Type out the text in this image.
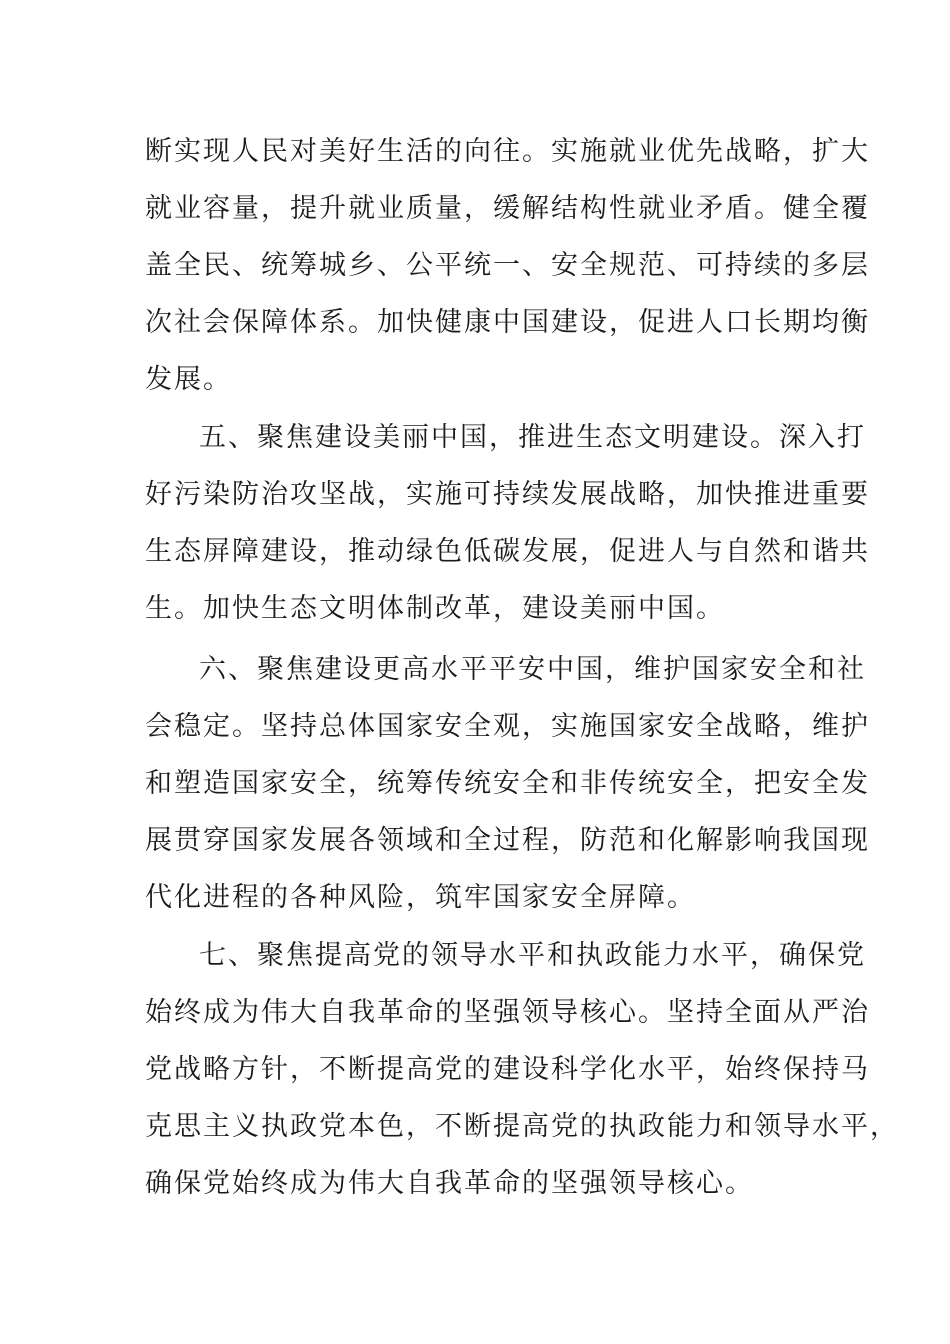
断实现人民对美好生活的向往。实施就业优先战略，扩大
就业容量，提升就业质量，缓解结构性就业矛盾。健全覆
盖全民、统筹城乡、公平统一、安全规范、可持续的多层
次社会保障体系。加快健康中国建设，促进人口长期均衡
发展。
五、聚焦建设美丽中国，推进生态文明建设。深入打
好污染防治攻坚战，实施可持续发展战略，加快推进重要
生态屏障建设，推动绿色低碳发展，促进人与自然和谐共
生。加快生态文明体制改革，建设美丽中国。
六、聚焦建设更高水平平安中国，维护国家安全和社
会稳定。坚持总体国家安全观，实施国家安全战略，维护
和塑造国家安全，统筹传统安全和非传统安全，把安全发
展贯穿国家发展各领域和全过程，防范和化解影响我国现
代化进程的各种风险，筑牢国家安全屏障。
七、聚焦提高党的领导水平和执政能力水平，确保党
始终成为伟大自我革命的坚强领导核心。坚持全面从严治
党战略方针，不断提高党的建设科学化水平，始终保持马
克思主义执政党本色，不断提高党的执政能力和领导水平，
确保党始终成为伟大自我革命的坚强领导核心。
